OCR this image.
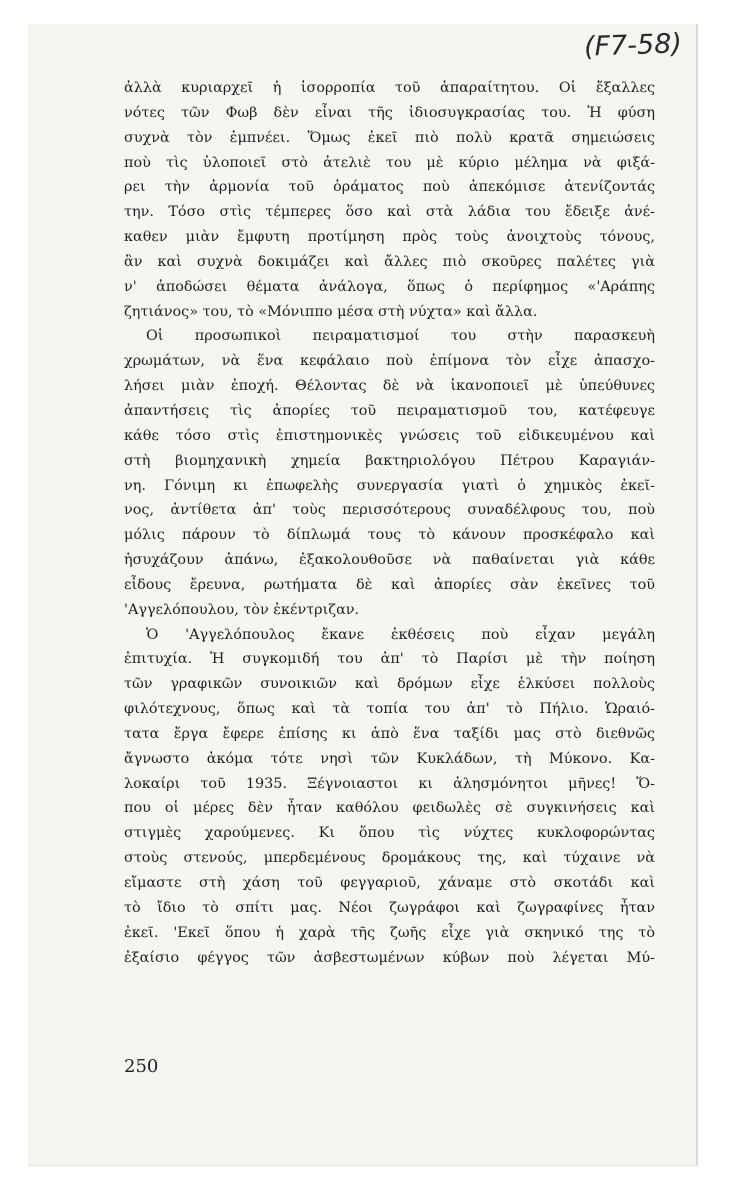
(F7-58)
ἀλλὰ κυριαρχεῖ ἡ ἰσορροπία τοῦ ἀπαραίτητου. Οἱ ἔξαλλες
νότες τῶν Φωβ δὲν εἶναι τῆς ἰδιοσυγκρασίας του. Ἡ φύση
συχνὰ τὸν ἐμπνέει. Ὅμως ἐκεῖ πιὸ πολὺ κρατᾶ σημειώσεις
ποὺ τὶς ὑλοποιεῖ στὸ ἀτελιὲ του μὲ κύριο μέλημα νὰ φιξά-
ρει τὴν ἁρμονία τοῦ ὁράματος ποὺ ἀπεκόμισε ἀτενίζοντάς
την. Τόσο στὶς τέμπερες ὅσο καὶ στὰ λάδια του ἔδειξε ἀνέ-
καθεν μιὰν ἔμφυτη προτίμηση πρὸς τοὺς ἀνοιχτοὺς τόνους,
ἂν καὶ συχνὰ δοκιμάζει καὶ ἄλλες πιὸ σκοῦρες παλέτες γιὰ
ν' ἀποδώσει θέματα ἀνάλογα, ὅπως ὁ περίφημος «'Αράπης
ζητιάνος» του, τὸ «Μόνιππο μέσα στὴ νύχτα» καὶ ἄλλα.
Οἱ προσωπικοὶ πειραματισμοί του στὴν παρασκευὴ
χρωμάτων, νὰ ἕνα κεφάλαιο ποὺ ἐπίμονα τὸν εἶχε ἀπασχο-
λήσει μιὰν ἐποχή. Θέλοντας δὲ νὰ ἱκανοποιεῖ μὲ ὑπεύθυνες
ἀπαντήσεις τὶς ἀπορίες τοῦ πειραματισμοῦ του, κατέφευγε
κάθε τόσο στὶς ἐπιστημονικὲς γνώσεις τοῦ εἰδικευμένου καὶ
στὴ βιομηχανικὴ χημεία βακτηριολόγου Πέτρου Καραγιάν-
νη. Γόνιμη κι ἐπωφελὴς συνεργασία γιατὶ ὁ χημικὸς ἐκεῖ-
νος, ἀντίθετα ἀπ' τοὺς περισσότερους συναδέλφους του, ποὺ
μόλις πάρουν τὸ δίπλωμά τους τὸ κάνουν προσκέφαλο καὶ
ἡσυχάζουν ἀπάνω, ἐξακολουθοῦσε νὰ παθαίνεται γιὰ κάθε
εἶδους ἔρευνα, ρωτήματα δὲ καὶ ἀπορίες σὰν ἐκεῖνες τοῦ
'Αγγελόπουλου, τὸν ἐκέντριζαν.
Ὁ 'Αγγελόπουλος ἔκανε ἐκθέσεις ποὺ εἶχαν μεγάλη
ἐπιτυχία. Ἡ συγκομιδή του ἀπ' τὸ Παρίσι μὲ τὴν ποίηση
τῶν γραφικῶν συνοικιῶν καὶ δρόμων εἶχε ἑλκύσει πολλοὺς
φιλότεχνους, ὅπως καὶ τὰ τοπία του ἀπ' τὸ Πήλιο. Ὡραιό-
τατα ἔργα ἔφερε ἐπίσης κι ἀπὸ ἕνα ταξίδι μας στὸ διεθνῶς
ἄγνωστο ἀκόμα τότε νησὶ τῶν Κυκλάδων, τὴ Μύκονο. Κα-
λοκαίρι τοῦ 1935. Ξέγνοιαστοι κι ἀλησμόνητοι μῆνες! Ὅ-
που οἱ μέρες δὲν ἦταν καθόλου φειδωλὲς σὲ συγκινήσεις καὶ
στιγμὲς χαρούμενες. Κι ὅπου τὶς νύχτες κυκλοφορώντας
στοὺς στενούς, μπερδεμένους δρομάκους της, καὶ τύχαινε νὰ
εἴμαστε στὴ χάση τοῦ φεγγαριοῦ, χάναμε στὸ σκοτάδι καὶ
τὸ ἴδιο τὸ σπίτι μας. Νέοι ζωγράφοι καὶ ζωγραφίνες ἦταν
ἐκεῖ. 'Εκεῖ ὅπου ἡ χαρὰ τῆς ζωῆς εἶχε γιὰ σκηνικό της τὸ
ἐξαίσιο φέγγος τῶν ἀσβεστωμένων κύβων ποὺ λέγεται Μύ-
250
